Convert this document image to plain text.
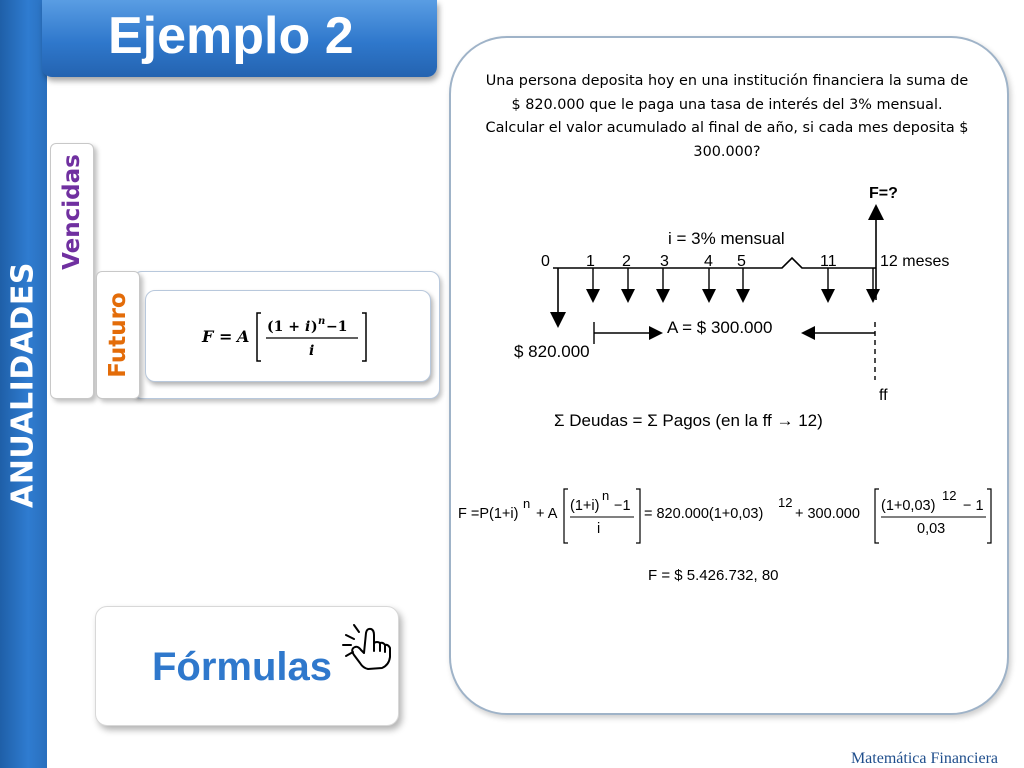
ANUALIDADES
Ejemplo 2
Vencidas
Futuro	F = A (1 + i ) n −1
i
Fórmulas
Una persona deposita hoy en una institución financiera la suma de $ 820.000 que le paga una tasa de interés del 3% mensual. Calcular el valor acumulado al final de año, si cada mes deposita $ 300.000?
F=?
i = 3% mensual
0 1 2 3 4 5	11	12 meses
$ 820.000
A = $ 300.000
ff
Σ Deudas = Σ Pagos (en la ff → 12)
F =P(1+i)
n
+ A (1+i)
n
−1
i
= 820.000(1+0,03)
12
+ 300.000 (1+0,03)
12
− 1
0,03
F = $ 5.426.732, 80
Matemática Financiera
